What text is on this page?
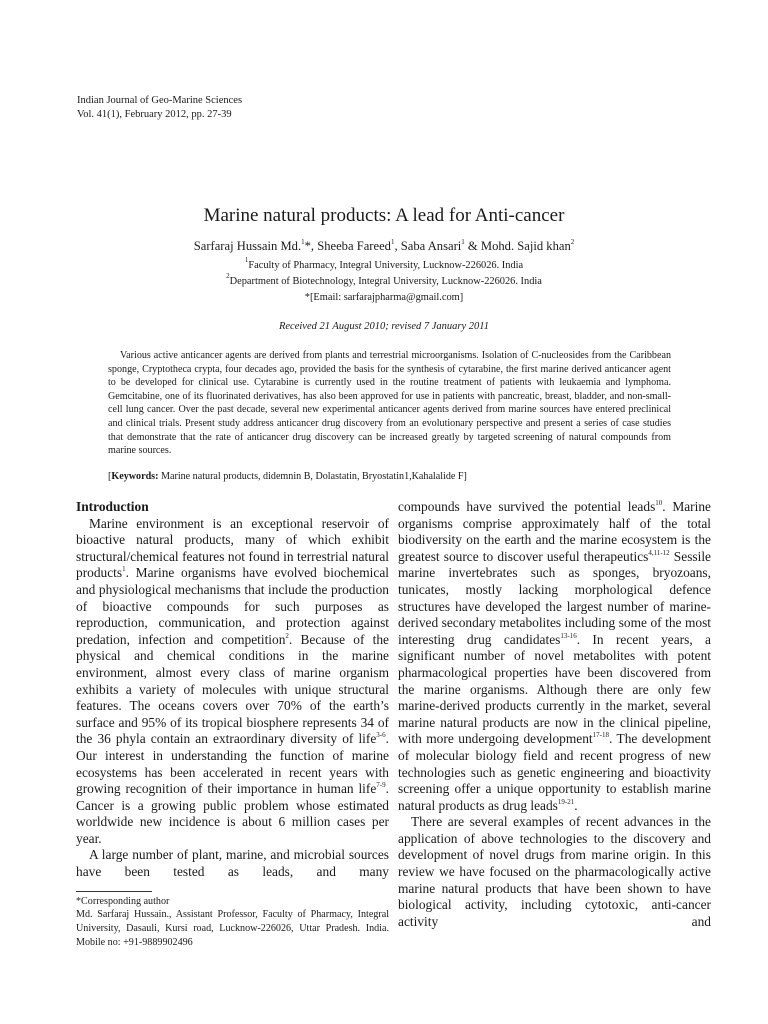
Indian Journal of Geo-Marine Sciences
Vol. 41(1), February 2012, pp. 27-39
Marine natural products: A lead for Anti-cancer
Sarfaraj Hussain Md.$^1$*, Sheeba Fareed$^1$, Saba Ansari$^1$ & Mohd. Sajid khan$^2$
$^1$Faculty of Pharmacy, Integral University, Lucknow-226026. India
$^2$Department of Biotechnology, Integral University, Lucknow-226026. India
*[Email: sarfarajpharma@gmail.com]
Received 21 August 2010; revised 7 January 2011
Various active anticancer agents are derived from plants and terrestrial microorganisms. Isolation of C-nucleosides from the Caribbean sponge, Cryptotheca crypta, four decades ago, provided the basis for the synthesis of cytarabine, the first marine derived anticancer agent to be developed for clinical use. Cytarabine is currently used in the routine treatment of patients with leukaemia and lymphoma. Gemcitabine, one of its fluorinated derivatives, has also been approved for use in patients with pancreatic, breast, bladder, and non-small-cell lung cancer. Over the past decade, several new experimental anticancer agents derived from marine sources have entered preclinical and clinical trials. Present study address anticancer drug discovery from an evolutionary perspective and present a series of case studies that demonstrate that the rate of anticancer drug discovery can be increased greatly by targeted screening of natural compounds from marine sources.
[Keywords: Marine natural products, didemnin B, Dolastatin, Bryostatin1,Kahalalide F]
Introduction

Marine environment is an exceptional reservoir of bioactive natural products, many of which exhibit structural/chemical features not found in terrestrial natural products$^1$. Marine organisms have evolved biochemical and physiological mechanisms that include the production of bioactive compounds for such purposes as reproduction, communication, and protection against predation, infection and competition$^2$. Because of the physical and chemical conditions in the marine environment, almost every class of marine organism exhibits a variety of molecules with unique structural features. The oceans covers over 70% of the earth’s surface and 95% of its tropical biosphere represents 34 of the 36 phyla contain an extraordinary diversity of life$^{3-6}$. Our interest in understanding the function of marine ecosystems has been accelerated in recent years with growing recognition of their importance in human life$^{7-9}$. Cancer is a growing public problem whose estimated worldwide new incidence is about 6 million cases per year.

A large number of plant, marine, and microbial sources have been tested as leads, and many

*Corresponding author
Md. Sarfaraj Hussain., Assistant Professor, Faculty of Pharmacy, Integral University, Dasauli, Kursi road, Lucknow-226026, Uttar Pradesh. India. Mobile no: +91-9889902496

compounds have survived the potential leads$^{10}$. Marine organisms comprise approximately half of the total biodiversity on the earth and the marine ecosystem is the greatest source to discover useful therapeutics$^{4,11-12}$ Sessile marine invertebrates such as sponges, bryozoans, tunicates, mostly lacking morphological defence structures have developed the largest number of marine-derived secondary metabolites including some of the most interesting drug candidates$^{13-16}$. In recent years, a significant number of novel metabolites with potent pharmacological properties have been discovered from the marine organisms. Although there are only few marine-derived products currently in the market, several marine natural products are now in the clinical pipeline, with more undergoing development$^{17-18}$. The development of molecular biology field and recent progress of new technologies such as genetic engineering and bioactivity screening offer a unique opportunity to establish marine natural products as drug leads$^{19-21}$.

There are several examples of recent advances in the application of above technologies to the discovery and development of novel drugs from marine origin. In this review we have focused on the pharmacologically active marine natural products that have been shown to have biological activity, including cytotoxic, anti-cancer activity and
